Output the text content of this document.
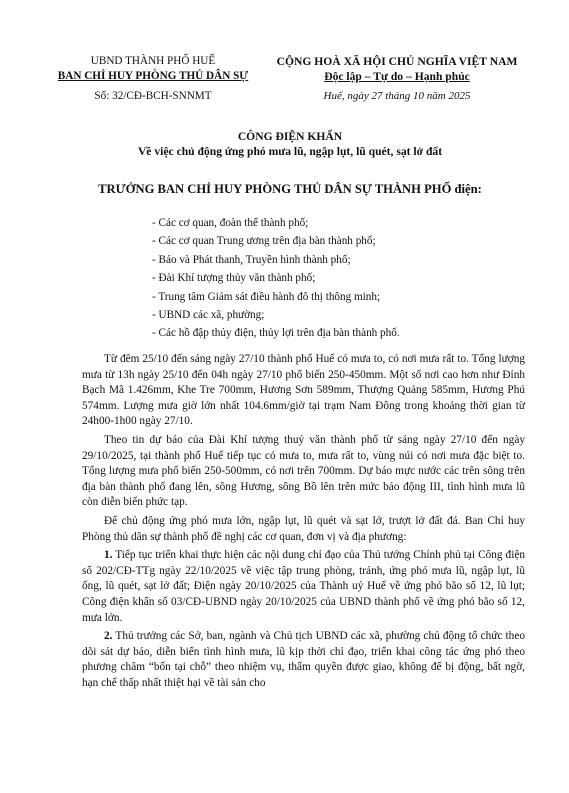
UBND THÀNH PHỐ HUẾ
BAN CHỈ HUY PHÒNG THỦ DÂN SỰ
Số: 32/CĐ-BCH-SNNMT
CỘNG HOÀ XÃ HỘI CHỦ NGHĨA VIỆT NAM
Độc lập – Tự do – Hạnh phúc
Huế, ngày 27 tháng 10 năm 2025
CÔNG ĐIỆN KHẨN
Về việc chủ động ứng phó mưa lũ, ngập lụt, lũ quét, sạt lở đất
TRƯỞNG BAN CHỈ HUY PHÒNG THỦ DÂN SỰ THÀNH PHỐ điện:
- Các cơ quan, đoàn thể thành phố;
- Các cơ quan Trung ương trên địa bàn thành phố;
- Báo và Phát thanh, Truyền hình thành phố;
- Đài Khí tượng thủy văn thành phố;
- Trung tâm Giám sát điều hành đô thị thông minh;
- UBND các xã, phường;
- Các hồ đập thủy điện, thủy lợi trên địa bàn thành phố.

Từ đêm 25/10 đến sáng ngày 27/10 thành phố Huế có mưa to, có nơi mưa rất to. Tổng lượng mưa từ 13h ngày 25/10 đến 04h ngày 27/10 phổ biến 250-450mm. Một số nơi cao hơn như Đỉnh Bạch Mã 1.426mm, Khe Tre 700mm, Hương Sơn 589mm, Thượng Quảng 585mm, Hương Phú 574mm. Lượng mưa giờ lớn nhất 104.6mm/giờ tại trạm Nam Đông trong khoảng thời gian từ 24h00-1h00 ngày 27/10.

Theo tin dự báo của Đài Khí tượng thuỷ văn thành phố từ sáng ngày 27/10 đến ngày 29/10/2025, tại thành phố Huế tiếp tục có mưa to, mưa rất to, vùng núi có nơi mưa đặc biệt to. Tổng lượng mưa phổ biến 250-500mm, có nơi trên 700mm. Dự báo mực nước các trên sông trên địa bàn thành phố đang lên, sông Hương, sông Bồ lên trên mức báo động III, tình hình mưa lũ còn diễn biến phức tạp.

Để chủ động ứng phó mưa lớn, ngập lụt, lũ quét và sạt lở, trượt lở đất đá. Ban Chỉ huy Phòng thủ dân sự thành phố đề nghị các cơ quan, đơn vị và địa phương:

1. Tiếp tục triển khai thực hiện các nội dung chỉ đạo của Thủ tướng Chính phủ tại Công điện số 202/CĐ-TTg ngày 22/10/2025 về việc tập trung phòng, tránh, ứng phó mưa lũ, ngập lụt, lũ ống, lũ quét, sạt lở đất; Điện ngày 20/10/2025 của Thành uỷ Huế về ứng phó bão số 12, lũ lụt; Công điện khẩn số 03/CĐ-UBND ngày 20/10/2025 của UBND thành phố về ứng phó bão số 12, mưa lớn.

2. Thủ trưởng các Sở, ban, ngành và Chủ tịch UBND các xã, phường chủ động tổ chức theo dõi sát dự báo, diễn biến tình hình mưa, lũ kịp thời chỉ đạo, triển khai công tác ứng phó theo phương châm “bốn tại chỗ” theo nhiệm vụ, thẩm quyền được giao, không để bị động, bất ngờ, hạn chế thấp nhất thiệt hại về tài sản cho
